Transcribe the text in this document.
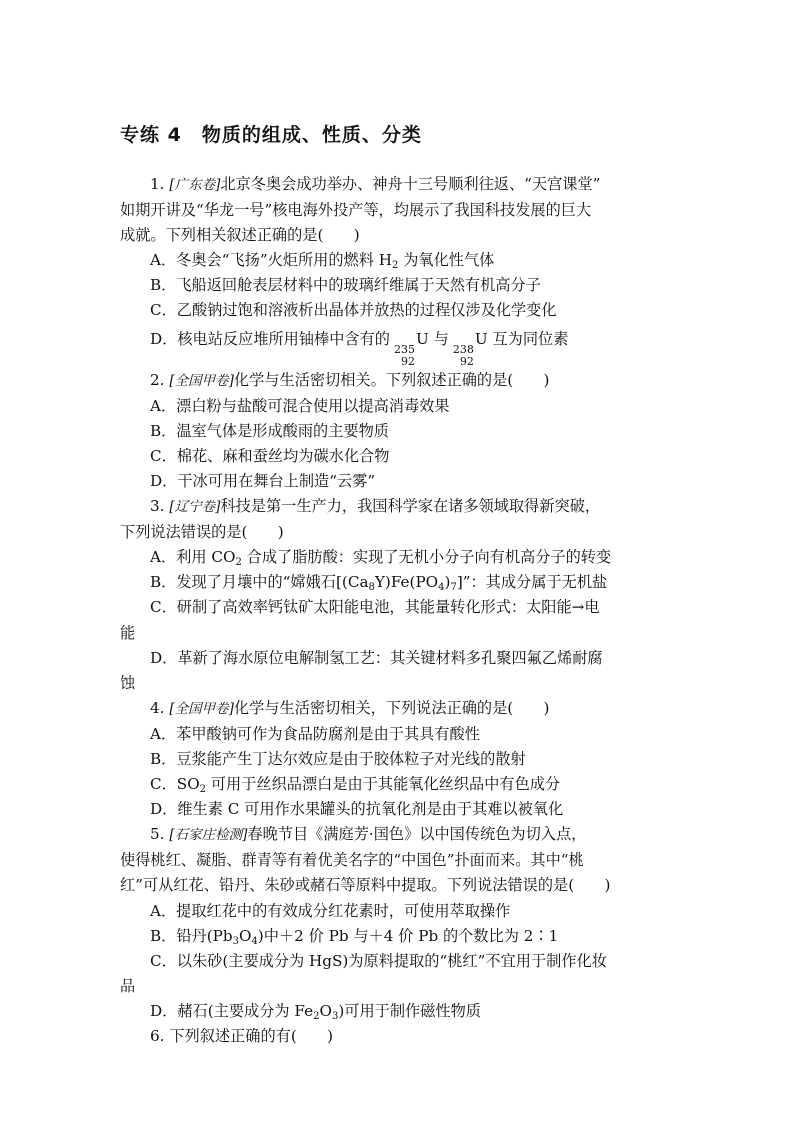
专练 4　物质的组成、性质、分类
1. [广东卷]北京冬奥会成功举办、神舟十三号顺利往返、“天宫课堂”
如期开讲及“华龙一号”核电海外投产等，均展示了我国科技发展的巨大
成就。下列相关叙述正确的是(　　)
A．冬奥会“飞扬”火炬所用的燃料 $H_2$ 为氧化性气体
B．飞船返回舱表层材料中的玻璃纤维属于天然有机高分子
C．乙酸钠过饱和溶液析出晶体并放热的过程仅涉及化学变化
D．核电站反应堆所用铀棒中含有的
235
92
U 与
238
92
U 互为同位素
2. [全国甲卷]化学与生活密切相关。下列叙述正确的是(　　)
A．漂白粉与盐酸可混合使用以提高消毒效果
B．温室气体是形成酸雨的主要物质
C．棉花、麻和蚕丝均为碳水化合物
D．干冰可用在舞台上制造“云雾”
3. [辽宁卷]科技是第一生产力，我国科学家在诸多领域取得新突破，
下列说法错误的是(　　)
A．利用 $CO_2$ 合成了脂肪酸：实现了无机小分子向有机高分子的转变
B．发现了月壤中的“嫦娥石$[(Ca_8Y)Fe(PO_4)_7]$”：其成分属于无机盐
C．研制了高效率钙钛矿太阳能电池，其能量转化形式：太阳能→电
能
D．革新了海水原位电解制氢工艺：其关键材料多孔聚四氟乙烯耐腐
蚀
4. [全国甲卷]化学与生活密切相关，下列说法正确的是(　　)
A．苯甲酸钠可作为食品防腐剂是由于其具有酸性
B．豆浆能产生丁达尔效应是由于胶体粒子对光线的散射
C．$SO_2$ 可用于丝织品漂白是由于其能氧化丝织品中有色成分
D．维生素 C 可用作水果罐头的抗氧化剂是由于其难以被氧化
5. [石家庄检测]春晚节目《满庭芳·国色》以中国传统色为切入点，
使得桃红、凝脂、群青等有着优美名字的“中国色”扑面而来。其中“桃
红”可从红花、铅丹、朱砂或赭石等原料中提取。下列说法错误的是(　　)
A．提取红花中的有效成分红花素时，可使用萃取操作
B．铅丹$(Pb_3O_4)$中＋2 价 Pb 与＋4 价 Pb 的个数比为 2∶1
C．以朱砂(主要成分为 HgS)为原料提取的“桃红”不宜用于制作化妆
品
D．赭石(主要成分为 $Fe_2O_3$)可用于制作磁性物质
6. 下列叙述正确的有(　　)
